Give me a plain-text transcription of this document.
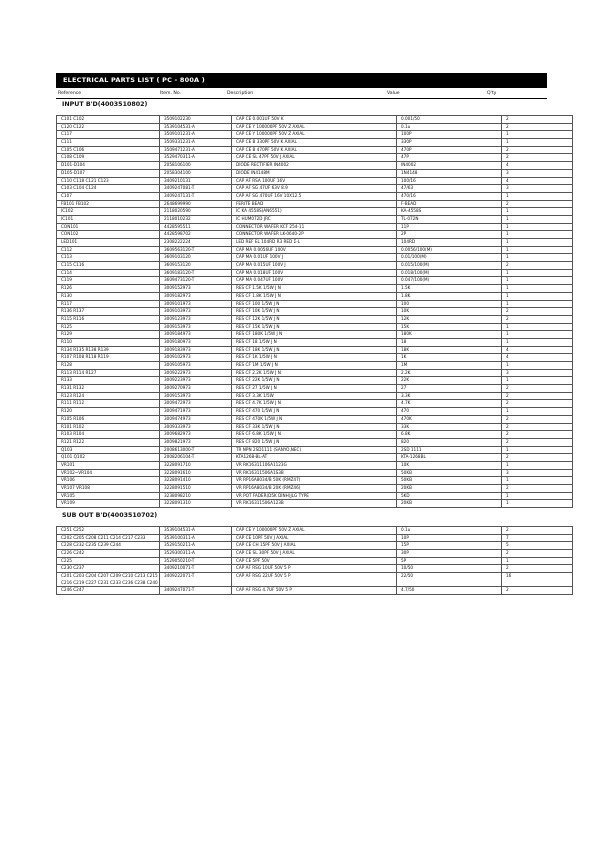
ELECTRICAL PARTS LIST ( PC - 800A )
Reference	Item. No.	Description	Value	Q'ty
INPUT B'D(4003510802)
C101 C102	3509102230	CAP CE 0.001UF 50V K	0.001/50	2
C120 C122	3539104531-A	CAP CE Y 100000PF 50V Z AXIAL	0.1u	2
C117	3509101231-A	CAP CE Y 100000PF 50V Z AXIAL	100P	1
C111	3509331231-A	CAP CE B 330PF 50V K AXIAL	330P	1
C105 C106	3509471231-A	CAP CE B 470PF 50V K AXIAL	470P	2
C108 C109	3529470311-A	CAP CE SL 47PF 50V J AXIAL	47P	2
D101-D104	2058106100	DIODE RECTIFIER IN4002	IN4002	4
D105-D107	2058304100	DIODE IN4148M	1N4148	3
C110 C118 C121 C123	3409210131	CAP AF RSA 100UF 16V	100/16	4
C103 C104 C124	3409247081-T	CAP AF SG 47UF 63V 8.9	47/63	3
C107	3409247131-T	CAP AF SG 470UF 16V 10X12.5	470/16	1
FB101 FB102	2648699990	FERITE BEAD	F-BEAD	2
IC102	2118020590	IC KA 4558S(AN6551)	KA-4558S	1
IC101	2118010232	IC HUM072D JRC	TL-072N	1
CON101	4428595511	CONNECTOR WAFER KCF 254-11	11P	1
CON102	4428598702	CONNECTOR WAFER LK-0640-2P	2P	1
LED101	2308222224	LED REF EL 104RD R3 RED Σ-L	104RD	1
C112	3609563120-T	CAP MA 0.0056UF 100V	0.0056/100(M)	1
C113	3609103120	CAP MA 0.01UF 100V J	0.01/100(M)	1
C115 C116	3609153120	CAP MA 0.015UF 100V J	0.015/100(M)	2
C114	3609183120-T	CAP MA 0.018UF 100V	0.018/100(M)	1
C119	3609473120-T	CAP MA 0.047UF 100V	0.047/100(M)	1
R126	3009152973	RES CF 1.5K 1/5W J N	1.5K	1
R130	3009182973	RES CF 1.8K 1/5W J N	1.8K	1
R117	3009101973	RES CF 100 1/5W J N	100	1
R136 R137	3009103973	RES CF 10K 1/5W J N	10K	2
R115 R116	3009123973	RES CF 12K 1/5W J N	12K	2
R125	3009153973	RES CF 15K 1/5W J N	15K	1
R129	3009184973	RES CF 180K 1/5W J N	180K	1
R110	3009180973	RES CF 18 1/5W J N	18	1
R134 R135 R138 R139	3009183973	RES CF 18K 1/5W J N	18K	4
R107 R108 R118 R119	3009102973	RES CF 1K 1/5W J N	1K	4
R128	3009105973	RES CF 1M 1/5W J N	1M	1
R113 R114 R127	3009222973	RES CF 2.2K 1/5W J N	2.2K	3
R133	3009223973	RES CF 22K 1/5W J N	22K	1
R131 R132	3009270973	RES CF 27 1/5W J N	27	2
R123 R124	3009153973	RES CF 3.3K 1/5W	3.3K	2
R111 R112	3009472973	RES CF 4.7K 1/5W J N	4.7K	2
R120	3009471973	RES CF 470 1/5W J N	470	1
R105 R106	3009474973	RES CF 470K 1/5W J N	470K	2
R101 R102	3009333973	RES CF 33K 1/5W J N	33K	2
R103 R104	3009682973	RES CF 6.8K 1/5W J N	6.8K	2
R121 R122	3009821973	RES CF 820 1/5W J N	820	2
Q103	2008613000-T	TR NPN 2SD1111 (SANYO,NEC)	2SD 1111	1
Q101 Q102	2008206104-T	KTA1268-BL-AT	KTA-1268BL	2
VR101	3228091710	VR RK16311106A1123G	10K	1
VR102~VR104	3228091610	VR RK16311506A1S3B	50KB	3
VR106	3228091410	VR RP16A8034/B 50K (RMZ47)	50KB	1
VR107 VR108	3228091510	VR RP16A8034/B 20K (RMZ46)	20KB	2
VR105	3238098210	VR POT FADER(D5K DINH)JLG TYPE	5KD	1
VR109	3228091310	VR RK16311506A123B	20KB	1
SUB OUT B'D(4003510702)
C251 C252	3539104531-A	CAP CE Y 100000PF 50V Z AXIAL	0.1u	2
C202 C205 C208 C211 C214 C217 C233	3539100311-A	CAP CE 10PF 50V J AXIAL	10P	7
C228 C232 C235 C239 C244	3529150211-A	CAP CE CH 15PF 50V J AXIAL	15P	5
C226 C242	3529300311-A	CAP CE SL 30PF 50V J AXIAL	30P	2
C225	3529050210-T	CAP CE 5PF 50V	5P	1
C230 C237	3409210071-T	CAP AF RSG 10UF 50V 5 P	10/50	2
C201 C203 C204 C207 C209 C210 C213 C215 C216 C219 C227 C231 C233 C236 C238 C240	3409222071-T	CAP AF RSG 22UF 50V 5 P	22/50	16
C246 C247	3409247071-T	CAP AF RSG 4.7UF 50V 5 P	4.7/50	2
